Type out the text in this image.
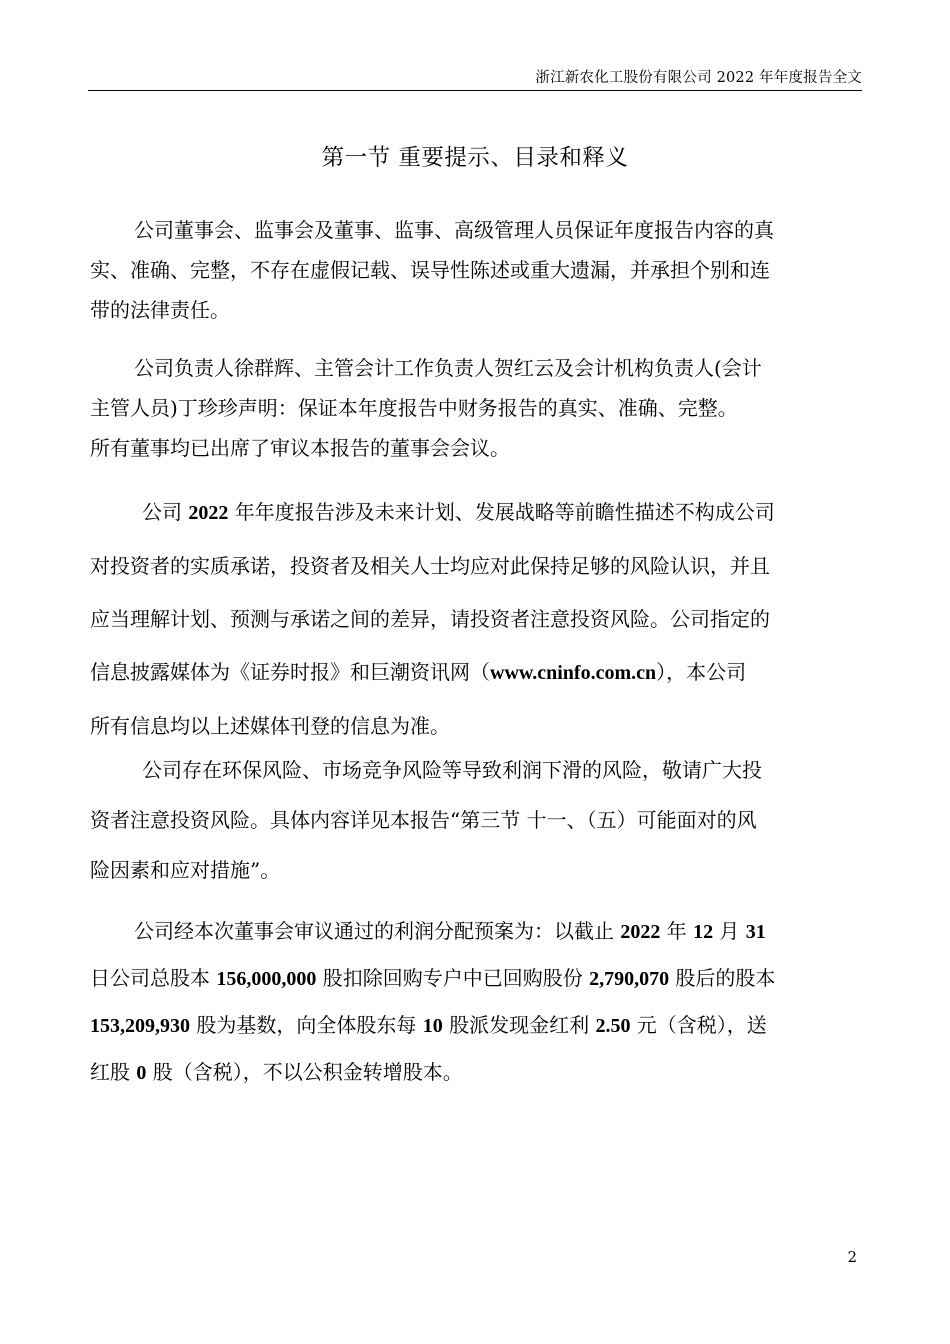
浙江新农化工股份有限公司 2022 年年度报告全文
第一节 重要提示、目录和释义

公司董事会、监事会及董事、监事、高级管理人员保证年度报告内容的真
实、准确、完整，不存在虚假记载、误导性陈述或重大遗漏，并承担个别和连
带的法律责任。

公司负责人徐群辉、主管会计工作负责人贺红云及会计机构负责人(会计
主管人员)丁珍珍声明：保证本年度报告中财务报告的真实、准确、完整。
所有董事均已出席了审议本报告的董事会会议。

公司 2022 年年度报告涉及未来计划、发展战略等前瞻性描述不构成公司
对投资者的实质承诺，投资者及相关人士均应对此保持足够的风险认识，并且
应当理解计划、预测与承诺之间的差异，请投资者注意投资风险。公司指定的
信息披露媒体为《证券时报》和巨潮资讯网（www.cninfo.com.cn），本公司
所有信息均以上述媒体刊登的信息为准。

公司存在环保风险、市场竞争风险等导致利润下滑的风险，敬请广大投
资者注意投资风险。具体内容详见本报告“第三节 十一、（五）可能面对的风
险因素和应对措施”。

公司经本次董事会审议通过的利润分配预案为：以截止 2022 年 12 月 31
日公司总股本 156,000,000 股扣除回购专户中已回购股份 2,790,070 股后的股本
153,209,930 股为基数，向全体股东每 10 股派发现金红利 2.50 元（含税），送
红股 0 股（含税），不以公积金转增股本。

2
